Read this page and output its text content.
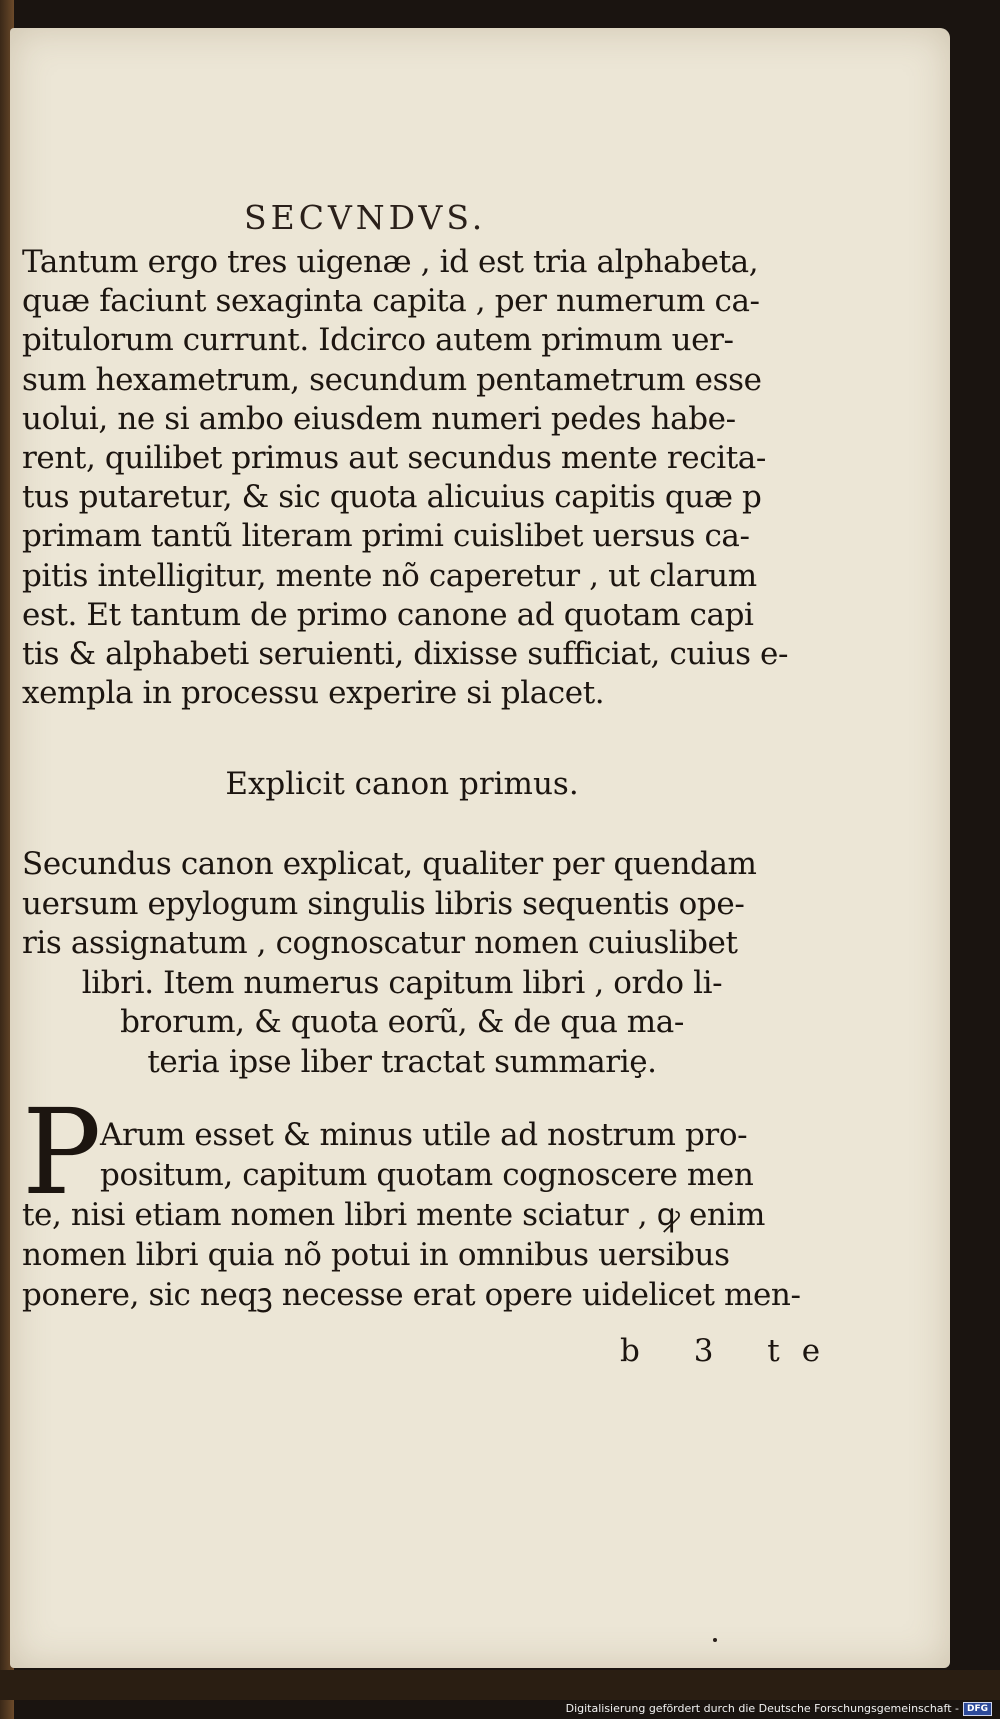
SECVNDVS.
Tantum ergo tres uigenæ , id est tria alphabeta,
quæ faciunt sexaginta capita , per numerum ca-
pitulorum currunt. Idcirco autem primum uer-
sum hexametrum, secundum pentametrum esse
uolui, ne si ambo eiusdem numeri pedes habe-
rent, quilibet primus aut secundus mente recita-
tus putaretur, & sic quota alicuius capitis quæ p
primam tantũ literam primi cuislibet uersus ca-
pitis intelligitur, mente nõ caperetur , ut clarum
est. Et tantum de primo canone ad quotam capi
tis & alphabeti seruienti, dixisse sufficiat, cuius e-
xempla in processu experire si placet.
Explicit canon primus.
Secundus canon explicat, qualiter per quendam
uersum epylogum singulis libris sequentis ope-
ris assignatum , cognoscatur nomen cuiuslibet
libri. Item numerus capitum libri , ordo li-
brorum, & quota eorũ, & de qua ma-
teria ipse liber tractat summariȩ.
P
Arum esset & minus utile ad nostrum pro-
positum, capitum quotam cognoscere men
te, nisi etiam nomen libri mente sciatur , ꝙ enim
nomen libri quia nõ potui in omnibus uersibus
ponere, sic neqꝫ necesse erat opere uidelicet men-
b 3 te
Digitalisierung gefördert durch die Deutsche Forschungsgemeinschaft - DFG
